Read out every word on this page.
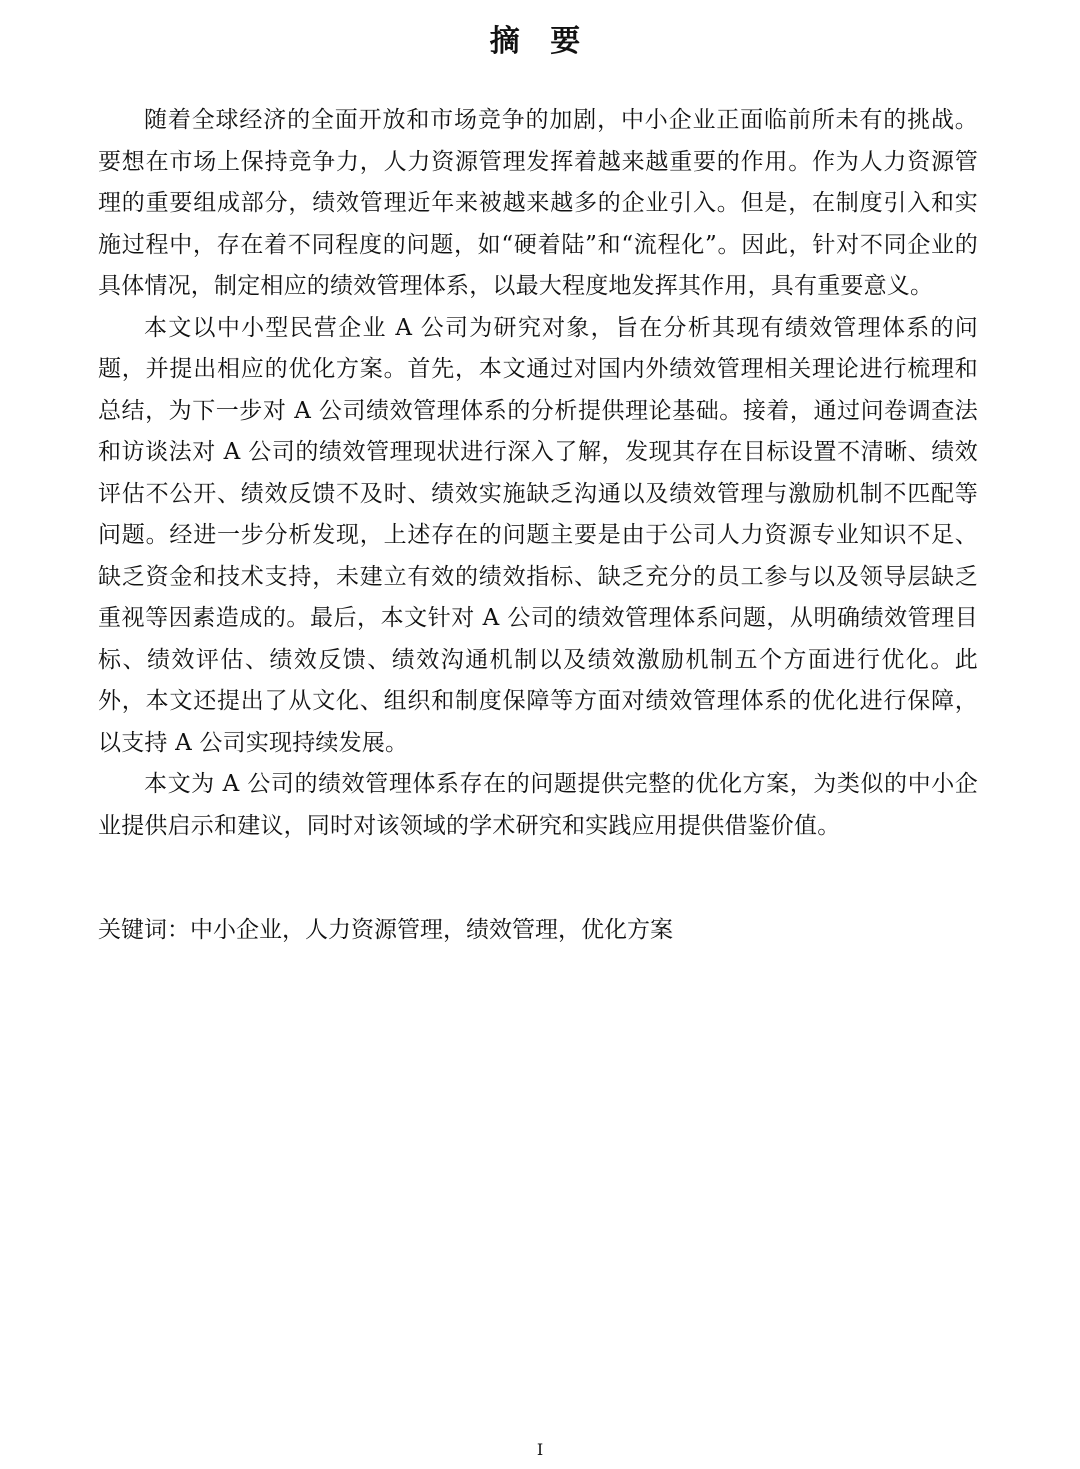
摘 要

随着全球经济的全面开放和市场竞争的加剧，中小企业正面临前所未有的挑战。要想在市场上保持竞争力，人力资源管理发挥着越来越重要的作用。作为人力资源管理的重要组成部分，绩效管理近年来被越来越多的企业引入。但是，在制度引入和实施过程中，存在着不同程度的问题，如“硬着陆”和“流程化”。因此，针对不同企业的具体情况，制定相应的绩效管理体系，以最大程度地发挥其作用，具有重要意义。

本文以中小型民营企业 A 公司为研究对象，旨在分析其现有绩效管理体系的问题，并提出相应的优化方案。首先，本文通过对国内外绩效管理相关理论进行梳理和总结，为下一步对 A 公司绩效管理体系的分析提供理论基础。接着，通过问卷调查法和访谈法对 A 公司的绩效管理现状进行深入了解，发现其存在目标设置不清晰、绩效评估不公开、绩效反馈不及时、绩效实施缺乏沟通以及绩效管理与激励机制不匹配等问题。经进一步分析发现，上述存在的问题主要是由于公司人力资源专业知识不足、缺乏资金和技术支持，未建立有效的绩效指标、缺乏充分的员工参与以及领导层缺乏重视等因素造成的。最后，本文针对 A 公司的绩效管理体系问题，从明确绩效管理目标、绩效评估、绩效反馈、绩效沟通机制以及绩效激励机制五个方面进行优化。此外，本文还提出了从文化、组织和制度保障等方面对绩效管理体系的优化进行保障，以支持 A 公司实现持续发展。

本文为 A 公司的绩效管理体系存在的问题提供完整的优化方案，为类似的中小企业提供启示和建议，同时对该领域的学术研究和实践应用提供借鉴价值。

关键词：中小企业，人力资源管理，绩效管理，优化方案

I
